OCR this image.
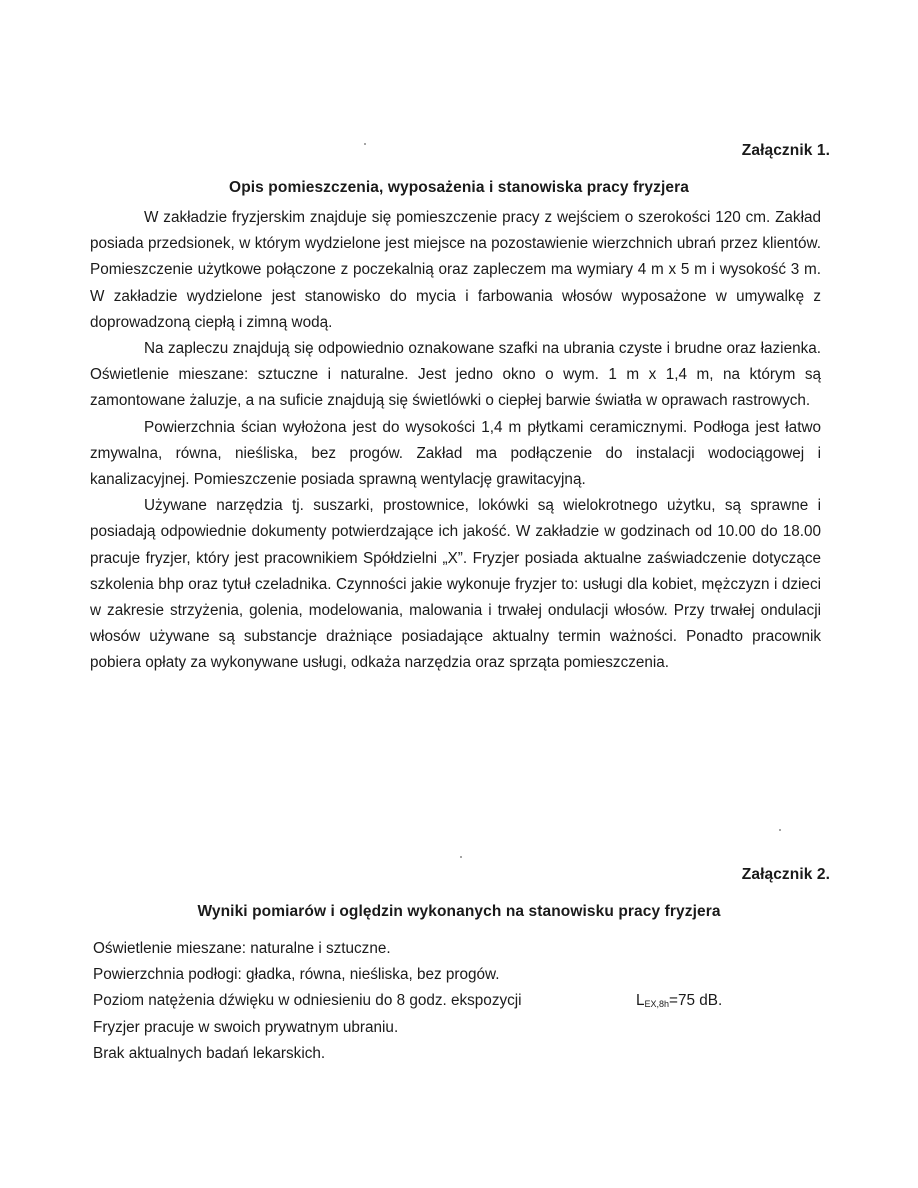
Załącznik 1.
Opis pomieszczenia, wyposażenia i stanowiska pracy fryzjera

W zakładzie fryzjerskim znajduje się pomieszczenie pracy z wejściem o szerokości 120 cm. Zakład posiada przedsionek, w którym wydzielone jest miejsce na pozostawienie wierzchnich ubrań przez klientów. Pomieszczenie użytkowe połączone z poczekalnią oraz zapleczem ma wymiary 4 m x 5 m i wysokość 3 m. W zakładzie wydzielone jest stanowisko do mycia i farbowania włosów wyposażone w umywalkę z doprowadzoną ciepłą i zimną wodą.

Na zapleczu znajdują się odpowiednio oznakowane szafki na ubrania czyste i brudne oraz łazienka. Oświetlenie mieszane: sztuczne i naturalne. Jest jedno okno o wym. 1 m x 1,4 m, na którym są zamontowane żaluzje, a na suficie znajdują się świetlówki o ciepłej barwie światła w oprawach rastrowych.

Powierzchnia ścian wyłożona jest do wysokości 1,4 m płytkami ceramicznymi. Podłoga jest łatwo zmywalna, równa, nieśliska, bez progów. Zakład ma podłączenie do instalacji wodociągowej i kanalizacyjnej. Pomieszczenie posiada sprawną wentylację grawitacyjną.

Używane narzędzia tj. suszarki, prostownice, lokówki są wielokrotnego użytku, są sprawne i posiadają odpowiednie dokumenty potwierdzające ich jakość. W zakładzie w godzinach od 10.00 do 18.00 pracuje fryzjer, który jest pracownikiem Spółdzielni „X”. Fryzjer posiada aktualne zaświadczenie dotyczące szkolenia bhp oraz tytuł czeladnika. Czynności jakie wykonuje fryzjer to: usługi dla kobiet, mężczyzn i dzieci w zakresie strzyżenia, golenia, modelowania, malowania i trwałej ondulacji włosów. Przy trwałej ondulacji włosów używane są substancje drażniące posiadające aktualny termin ważności. Ponadto pracownik pobiera opłaty za wykonywane usługi, odkaża narzędzia oraz sprząta pomieszczenia.

Załącznik 2.
Wyniki pomiarów i oględzin wykonanych na stanowisku pracy fryzjera
Oświetlenie mieszane: naturalne i sztuczne.
Powierzchnia podłogi: gładka, równa, nieśliska, bez progów.
Poziom natężenia dźwięku w odniesieniu do 8 godz. ekspozycji	$L_{EX,8h}=75$ dB.
Fryzjer pracuje w swoich prywatnym ubraniu.
Brak aktualnych badań lekarskich.
